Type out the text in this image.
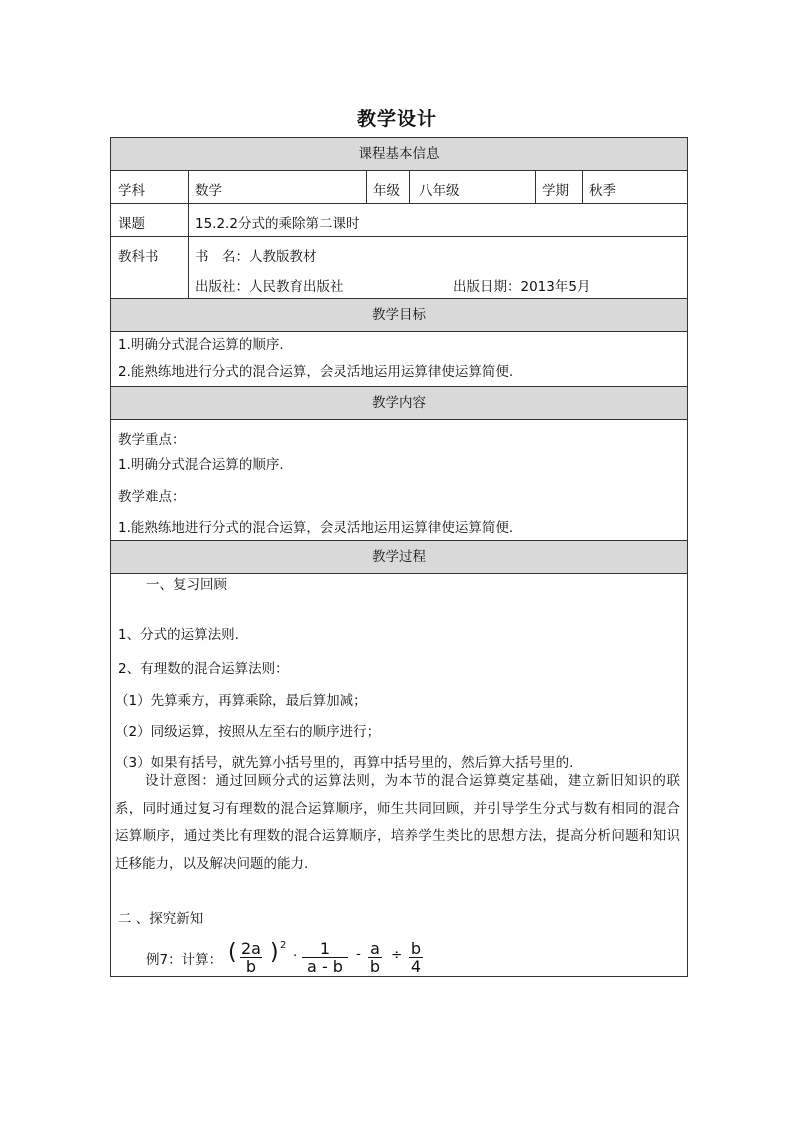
教学设计
课程基本信息
学科	数学	年级 八年级	学期 秋季
课题	15.2.2分式的乘除第二课时
教科书	书　名：人教版教材
出版社：人民教育出版社	出版日期：2013年5月
教学目标
1.明确分式混合运算的顺序.
2.能熟练地进行分式的混合运算，会灵活地运用运算律使运算简便.
教学内容
教学重点：
1.明确分式混合运算的顺序.
教学难点：
1.能熟练地进行分式的混合运算，会灵活地运用运算律使运算简便.
教学过程
一、复习回顾
1、分式的运算法则.
2、有理数的混合运算法则：
（1）先算乘方，再算乘除，最后算加减；
（2）同级运算，按照从左至右的顺序进行；
（3）如果有括号，就先算小括号里的，再算中括号里的，然后算大括号里的.
设计意图：通过回顾分式的运算法则，为本节的混合运算奠定基础，建立新旧知识的联系，同时通过复习有理数的混合运算顺序，师生共同回顾，并引导学生分式与数有相同的混合运算顺序，通过类比有理数的混合运算顺序，培养学生类比的思想方法，提高分析问题和知识迁移能力，以及解决问题的能力.
二 、探究新知
例7：计算： ( $\frac{2a}{b}$ ) 2
· $\frac{1}{a - b} - \frac{a}{b} \div \frac{b}{4}$
